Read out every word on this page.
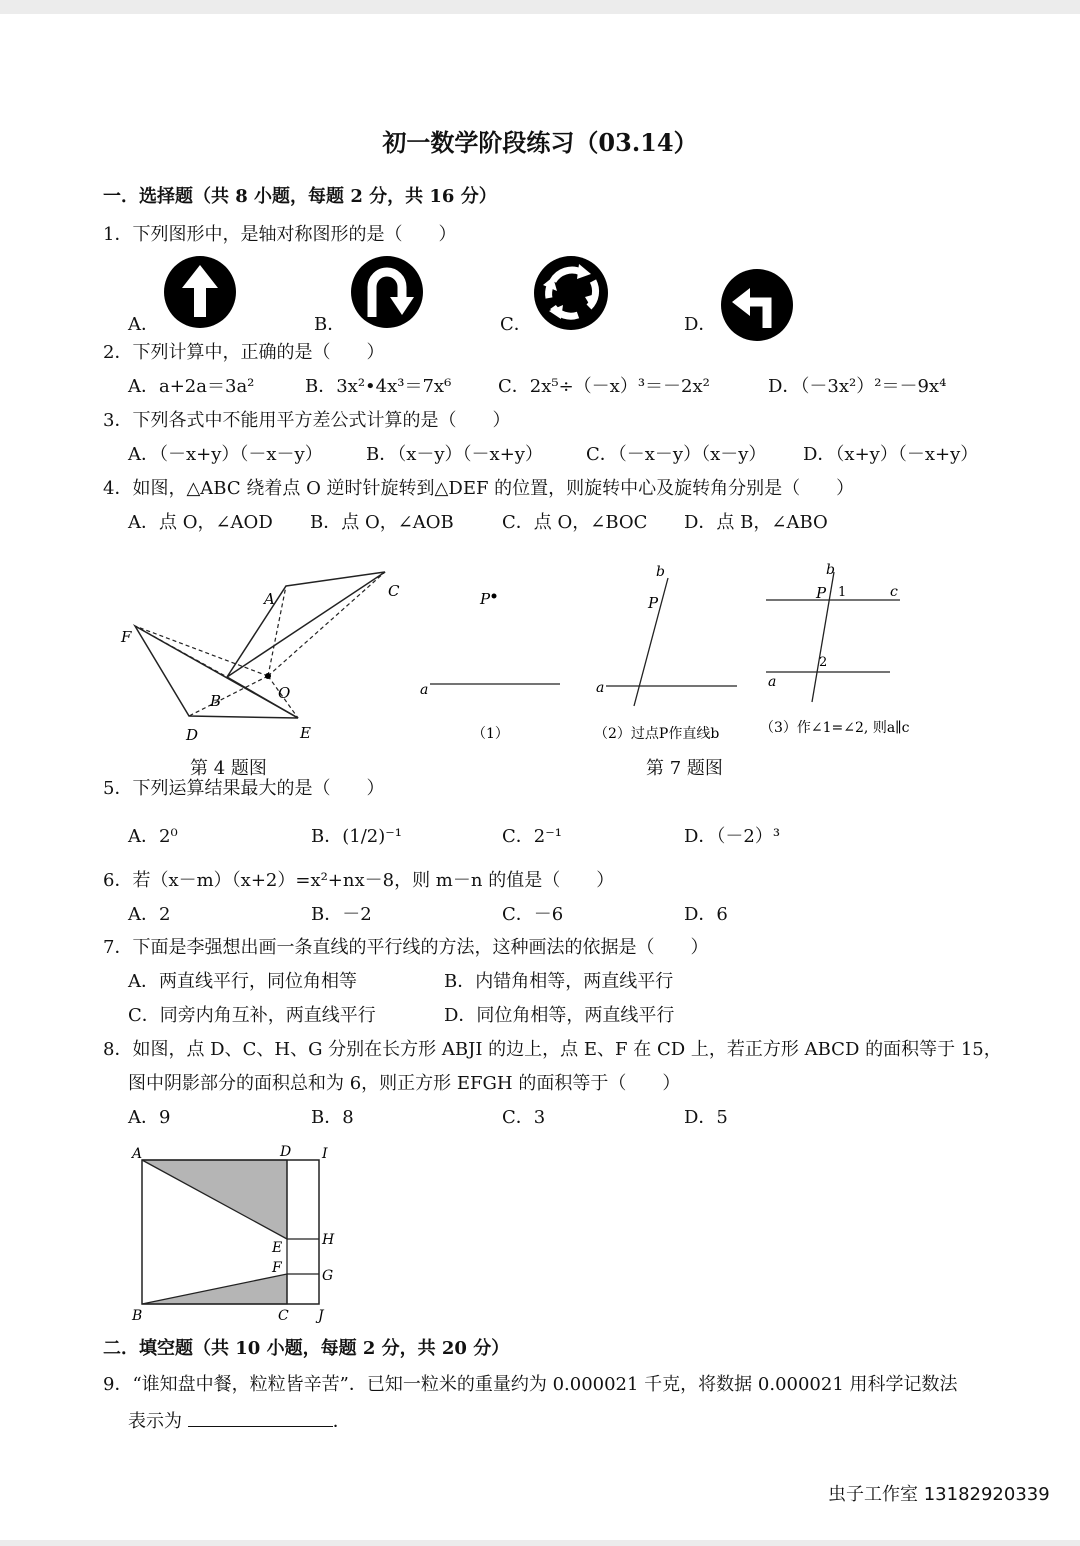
初一数学阶段练习（03.14）
一．选择题（共 8 小题，每题 2 分，共 16 分）
1．下列图形中，是轴对称图形的是（　　）
A．	B．	C．	D．
2．下列计算中，正确的是（　　）
A．a+2a＝3a²	B．3x²•4x³＝7x⁶	C．2x⁵÷（－x）³＝－2x²	D．（－3x²）²＝－9x⁴
3．下列各式中不能用平方差公式计算的是（　　）
A．（－x+y）（－x－y） B．（x－y）（－x+y） C．（－x－y）（x－y） D．（x+y）（－x+y）
4．如图，△ABC 绕着点 O 逆时针旋转到△DEF 的位置，则旋转中心及旋转角分别是（　　）
A．点 O，∠AOD B．点 O，∠AOB	C．点 O，∠BOC D．点 B，∠ABO
A
B
C
D	E
F
O
第 4 题图
P
a
（1）
a
b
P
（2）过点P作直线b
b
P 1	c
2
a
（3）作∠1=∠2, 则a∥c
第 7 题图
5．下列运算结果最大的是（　　）
A．2⁰	B．(1/2)⁻¹	C．2⁻¹	D．（－2）³
6．若（x－m）（x+2）=x²+nx－8，则 m－n 的值是（　　）
A．2	B．－2	C．－6	D．6
7．下面是李强想出画一条直线的平行线的方法，这种画法的依据是（　　）
A．两直线平行，同位角相等	B．内错角相等，两直线平行
C．同旁内角互补，两直线平行	D．同位角相等，两直线平行
8．如图，点 D、C、H、G 分别在长方形 ABJI 的边上，点 E、F 在 CD 上，若正方形 ABCD 的面积等于 15，
图中阴影部分的面积总和为 6，则正方形 EFGH 的面积等于（　　）
A．9	B．8	C．3	D．5
A	D I
H
E
F	G
B	C J
二．填空题（共 10 小题，每题 2 分，共 20 分）
9．“谁知盘中餐，粒粒皆辛苦”．已知一粒米的重量约为 0.000021 千克，将数据 0.000021 用科学记数法
表示为	．
虫子工作室 13182920339
